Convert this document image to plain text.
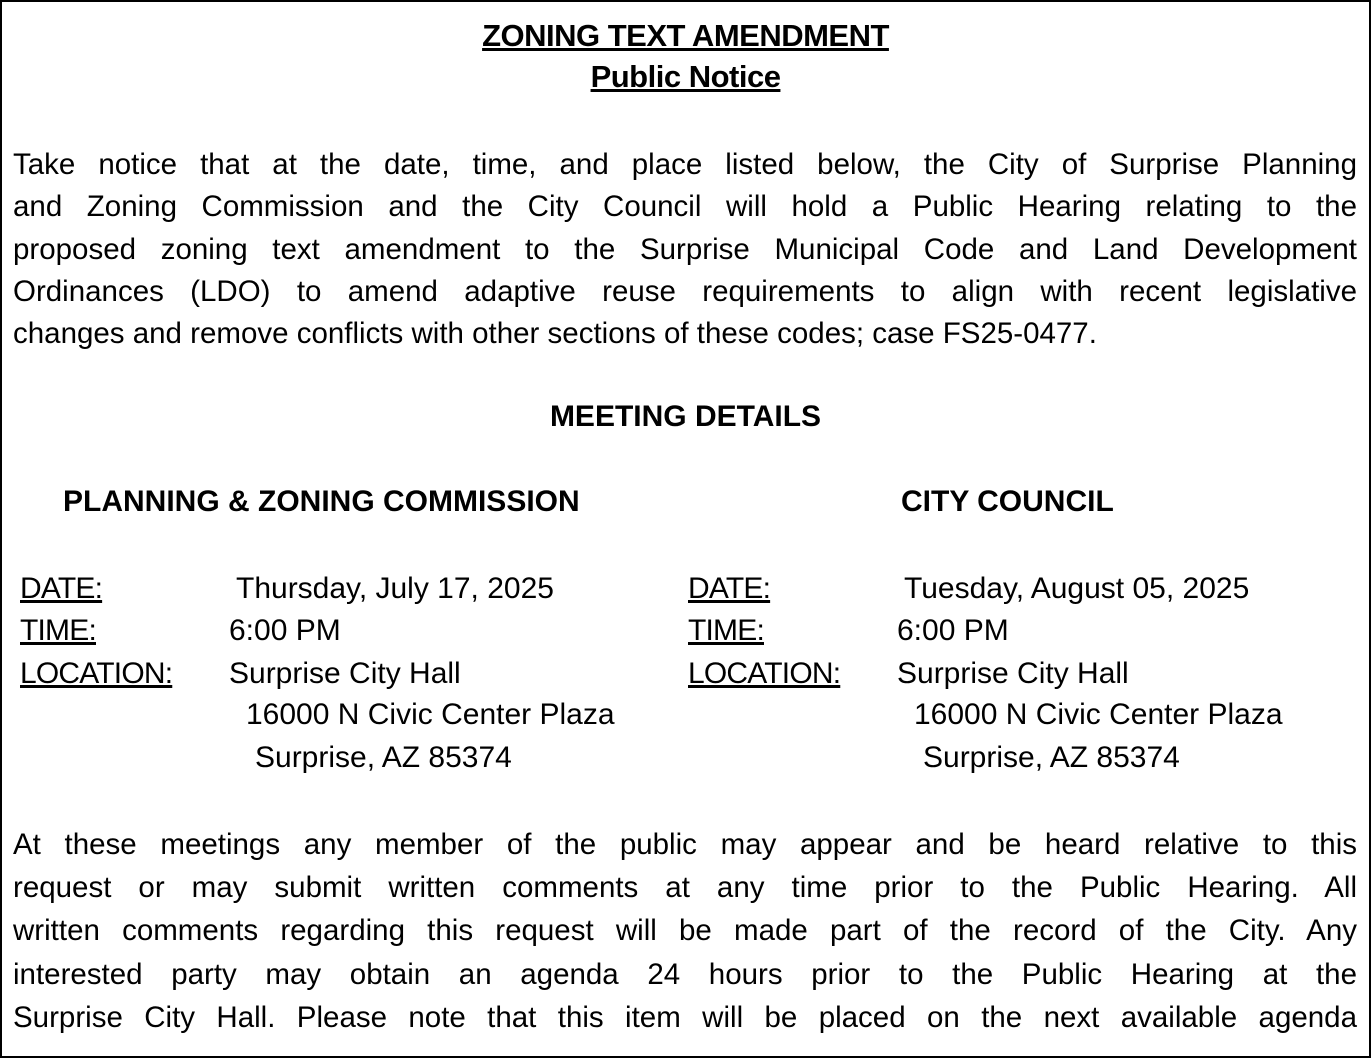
ZONING TEXT AMENDMENT
Public Notice
Take notice that at the date, time, and place listed below, the City of Surprise Planning
and Zoning Commission and the City Council will hold a Public Hearing relating to the
proposed zoning text amendment to the Surprise Municipal Code and Land Development
Ordinances (LDO) to amend adaptive reuse requirements to align with recent legislative
changes and remove conflicts with other sections of these codes; case FS25-0477.
MEETING DETAILS
PLANNING & ZONING COMMISSION
DATE:	Thursday, July 17, 2025
TIME:	6:00 PM
LOCATION: Surprise City Hall
16000 N Civic Center Plaza
Surprise, AZ 85374
CITY COUNCIL
DATE:	Tuesday, August 05, 2025
TIME:	6:00 PM
LOCATION: Surprise City Hall
16000 N Civic Center Plaza
Surprise, AZ 85374
At these meetings any member of the public may appear and be heard relative to this
request or may submit written comments at any time prior to the Public Hearing. All
written comments regarding this request will be made part of the record of the City. Any
interested party may obtain an agenda 24 hours prior to the Public Hearing at the
Surprise City Hall. Please note that this item will be placed on the next available agenda
